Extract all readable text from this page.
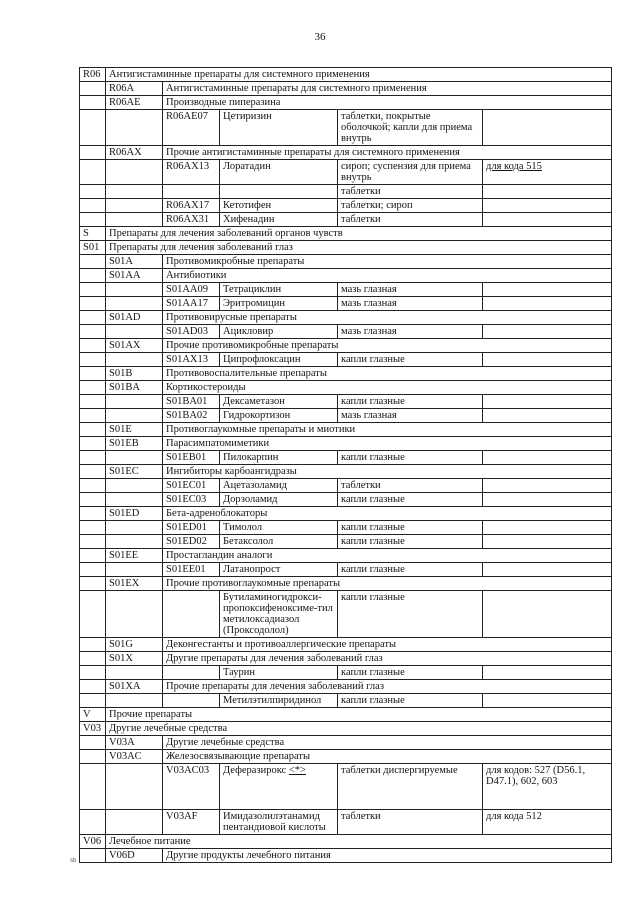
36
R06	Антигистаминные препараты для системного применения				
	R06A	Антигистаминные препараты для системного применения			
	R06AE	Производные пиперазина			
		R06AE07	Цетиризин	таблетки, покрытые оболочкой; капли для приема внутрь	
	R06AX	Прочие антигистаминные препараты для системного применения			
		R06AX13	Лоратадин	сироп; суспензия для приема внутрь	для кода 515
				таблетки	
		R06AX17	Кетотифен	таблетки; сироп	
		R06AX31	Хифенадин	таблетки	
S	Препараты для лечения заболеваний органов чувств				
S01	Препараты для лечения заболеваний глаз				
	S01A	Противомикробные препараты			
	S01AA	Антибиотики			
		S01AA09	Тетрациклин	мазь глазная	
		S01AA17	Эритромицин	мазь глазная	
	S01AD	Противовирусные препараты			
		S01AD03	Ацикловир	мазь глазная	
	S01AX	Прочие противомикробные препараты			
		S01AX13	Ципрофлоксацин	капли глазные	
	S01B	Противовоспалительные препараты			
	S01BA	Кортикостероиды			
		S01BA01	Дексаметазон	капли глазные	
		S01BA02	Гидрокортизон	мазь глазная	
	S01E	Противоглаукомные препараты и миотики			
	S01EB	Парасимпатомиметики			
		S01EB01	Пилокарпин	капли глазные	
	S01EC	Ингибиторы карбоангидразы			
		S01EC01	Ацетазоламид	таблетки	
		S01EC03	Дорзоламид	капли глазные	
	S01ED	Бета-адреноблокаторы			
		S01ED01	Тимолол	капли глазные	
		S01ED02	Бетаксолол	капли глазные	
	S01EE	Простагландин аналоги			
		S01EE01	Латанопрост	капли глазные	
	S01EX	Прочие противоглаукомные препараты			
			Бутиламиногидрокси-пропоксифеноксиме-тил метилоксадиазол (Проксодолол)	капли глазные	
	S01G	Деконгестанты и противоаллергические препараты			
	S01X	Другие препараты для лечения заболеваний глаз			
			Таурин	капли глазные	
	S01XA	Прочие препараты для лечения заболеваний глаз			
			Метилэтилпиридинол	капли глазные	
V	Прочие препараты				
V03	Другие лечебные средства				
	V03A	Другие лечебные средства			
	V03AC	Железосвязывающие препараты			
		V03AC03	Деферазирокс <*>	таблетки диспергируемые	для кодов: 527 (D56.1, D47.1), 602, 603
		V03AF	Имидазолилэтанамид пентандиовой кислоты	таблетки	для кода 512
V06	Лечебное питание				
	V06D	Другие продукты лечебного питания			
sb
